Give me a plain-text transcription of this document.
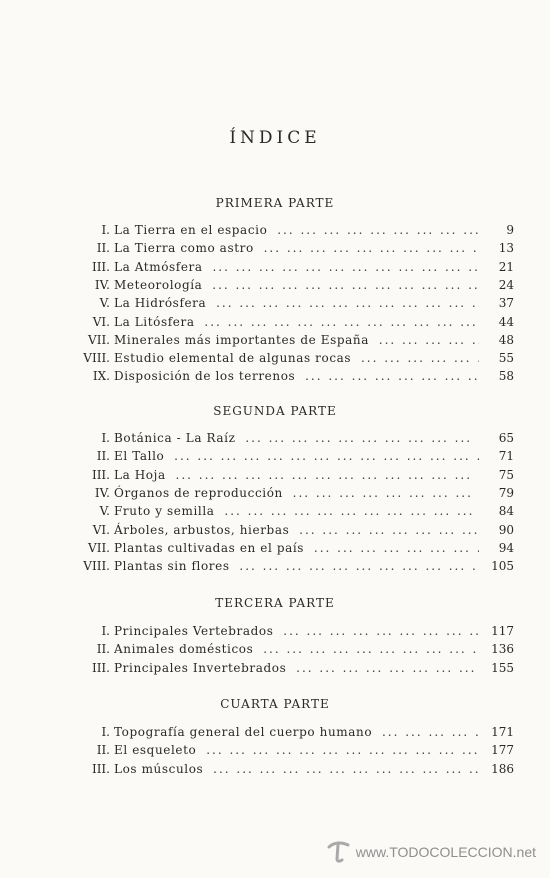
ÍNDICE
PRIMERA PARTE
I. La Tierra en el espacio ... .	9
II. La Tierra como astro ... .	13
III. La Atmósfera ... .	21
IV. Meteorología ... .	24
V. La Hidrósfera ... .	37
VI. La Litósfera ... .	44
VII. Minerales más importantes de España ... .	48
VIII. Estudio elemental de algunas rocas ... .	55
IX. Disposición de los terrenos ... .	58
SEGUNDA PARTE
I. Botánica - La Raíz ... .	65
II. El Tallo ... .	71
III. La Hoja ... .	75
IV. Órganos de reproducción ... .	79
V. Fruto y semilla ... .	84
VI. Árboles, arbustos, hierbas ... .	90
VII. Plantas cultivadas en el país ... .	94
VIII. Plantas sin flores ... .	105
TERCERA PARTE
I. Principales Vertebrados ... .	117
II. Animales domésticos ... .	136
III. Principales Invertebrados ... .	155
CUARTA PARTE
I. Topografía general del cuerpo humano ... .	171
II. El esqueleto ... .	177
III. Los músculos ... .	186
www.TODOCOLECCION.net
